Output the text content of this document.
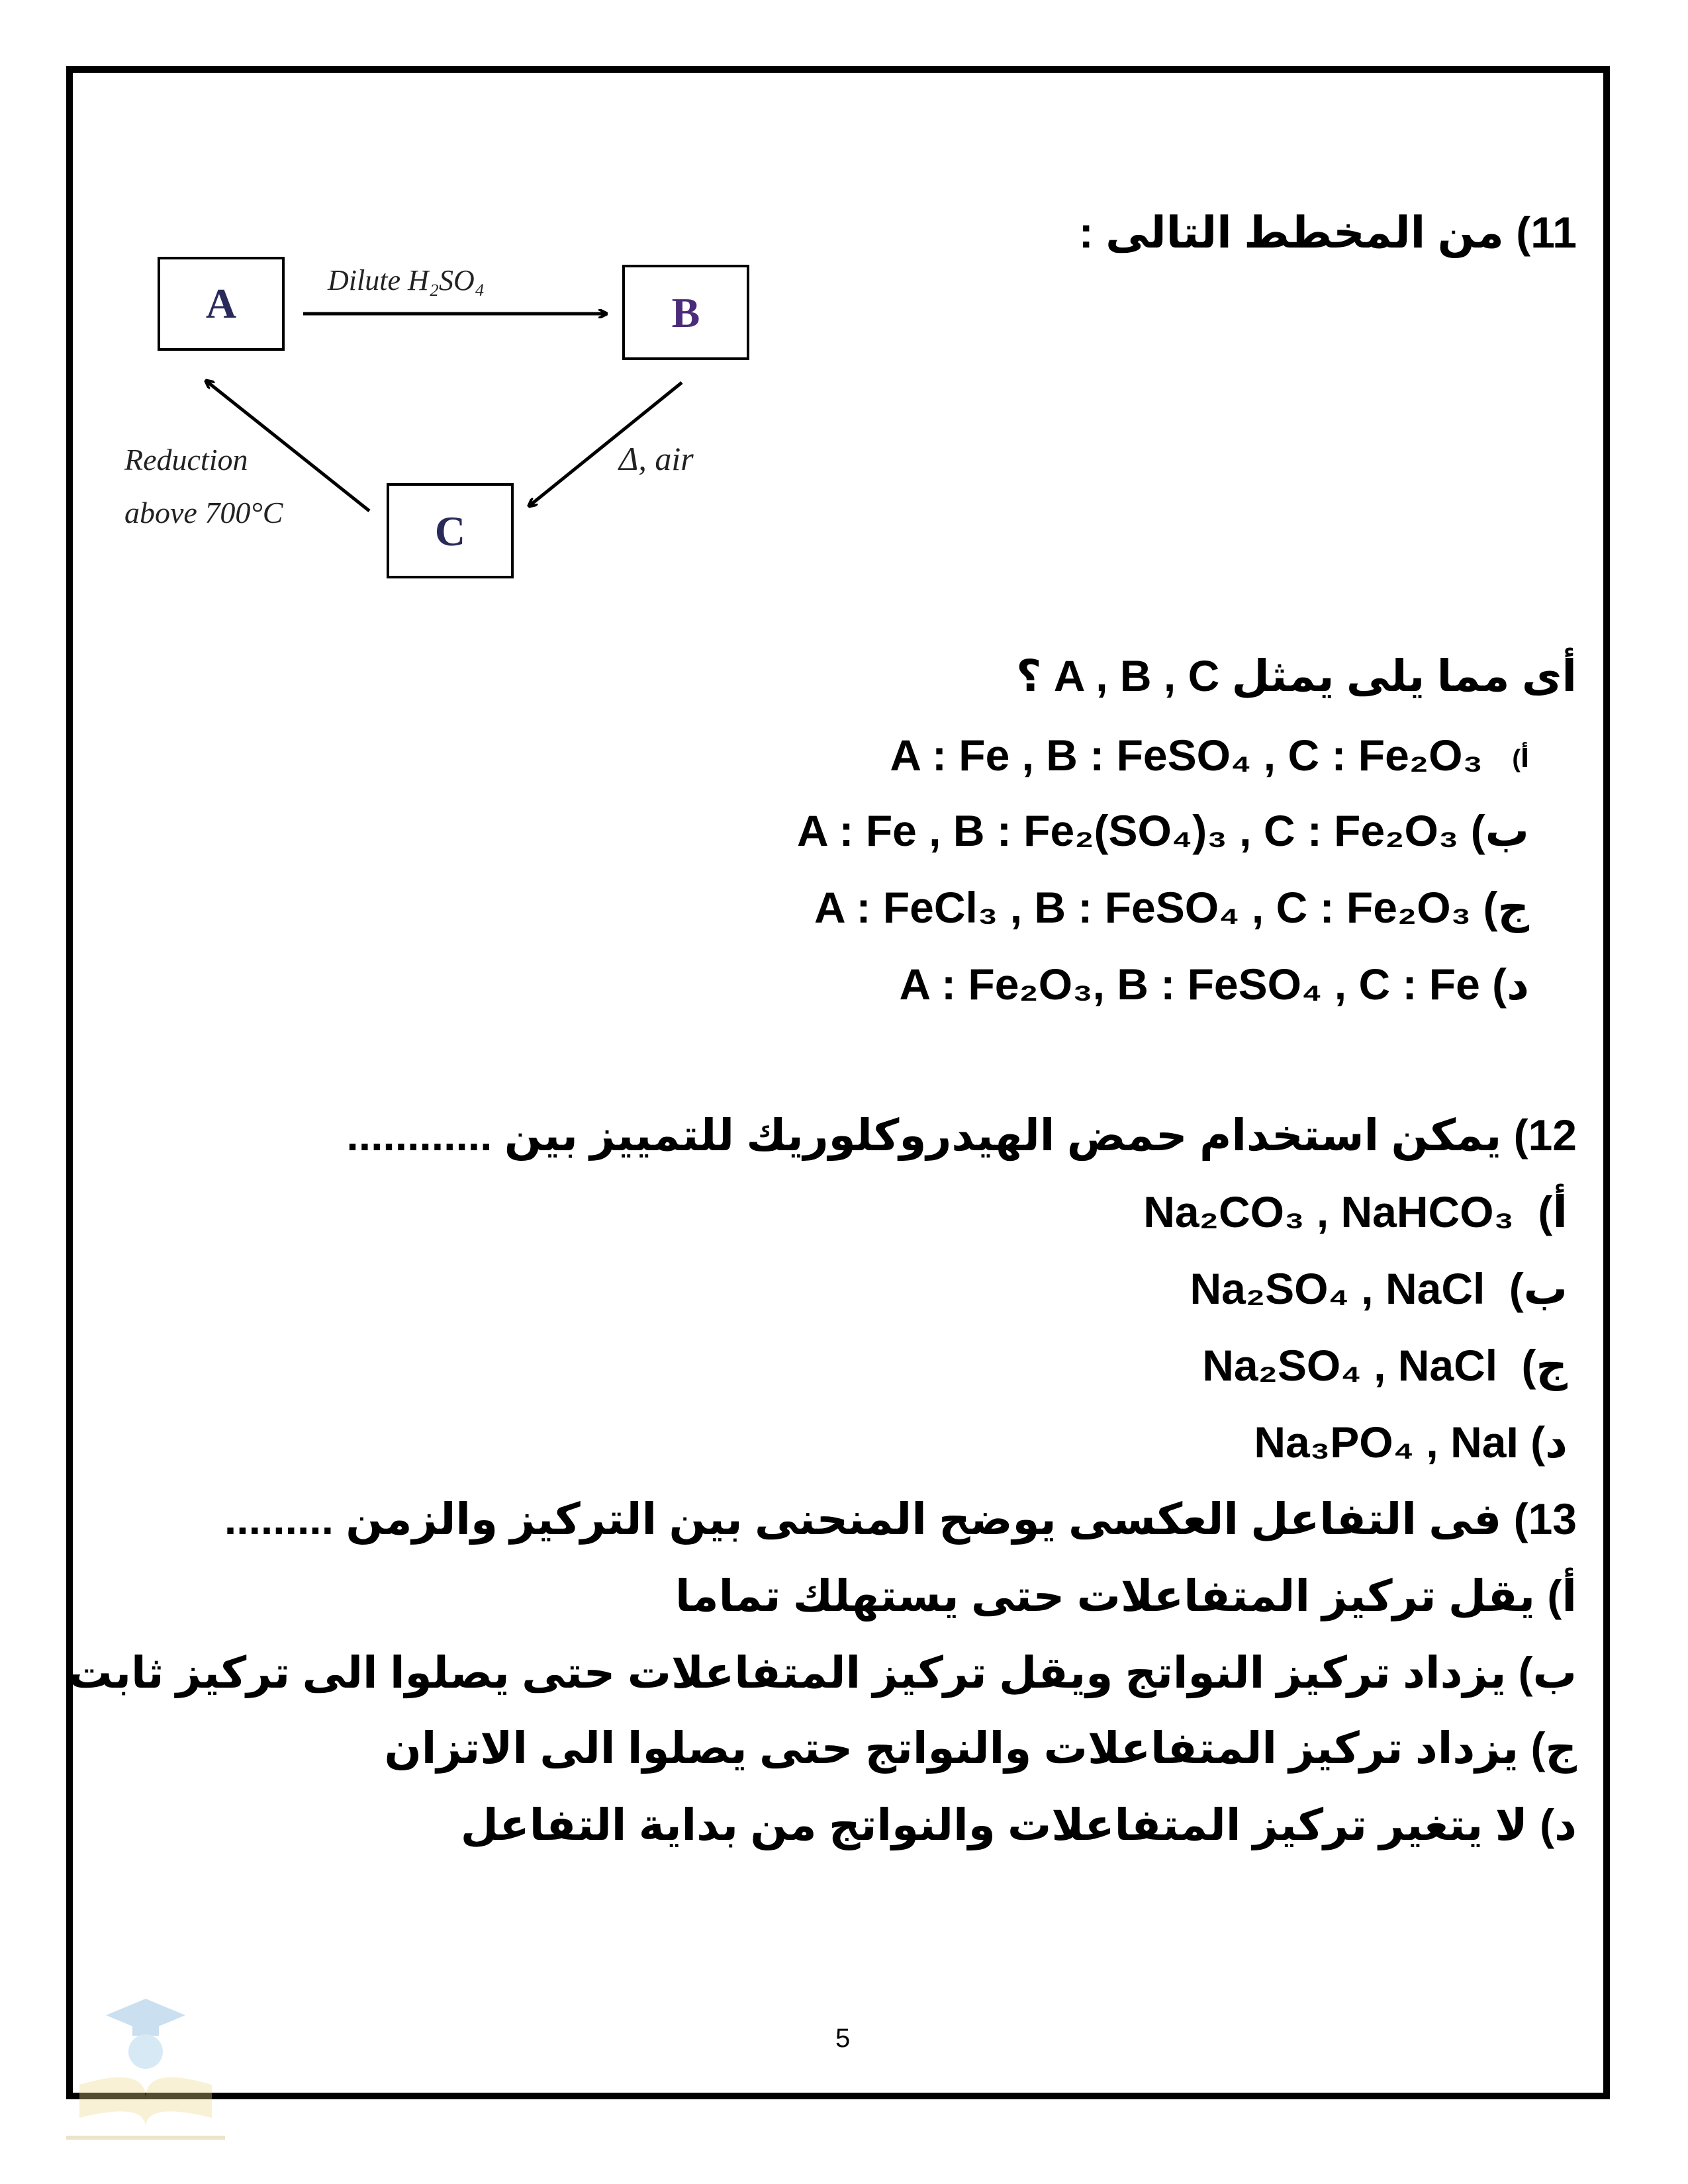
11) من المخطط التالى :
A	B
C
Dilute H₂SO₄
Δ, air
Reduction
above 700°C
أى مما يلى يمثل A , B , C ؟
أ) A : Fe , B : FeSO₄ , C : Fe₂O₃
ب) A : Fe , B : Fe₂(SO₄)₃ , C : Fe₂O₃
ج) A : FeCl₃ , B : FeSO₄ , C : Fe₂O₃
د) A : Fe₂O₃, B : FeSO₄ , C : Fe
12) يمكن استخدام حمض الهيدروكلوريك للتمييز بين ............
أ) Na₂CO₃ , NaHCO₃
ب) Na₂SO₄ , NaCl
ج) Na₂SO₄ , NaCl
د) Na₃PO₄ , NaI
13) فى التفاعل العكسى يوضح المنحنى بين التركيز والزمن .........
أ) يقل تركيز المتفاعلات حتى يستهلك تماما
ب) يزداد تركيز النواتج ويقل تركيز المتفاعلات حتى يصلوا الى تركيز ثابت
ج) يزداد تركيز المتفاعلات والنواتج حتى يصلوا الى الاتزان
د) لا يتغير تركيز المتفاعلات والنواتج من بداية التفاعل
5
